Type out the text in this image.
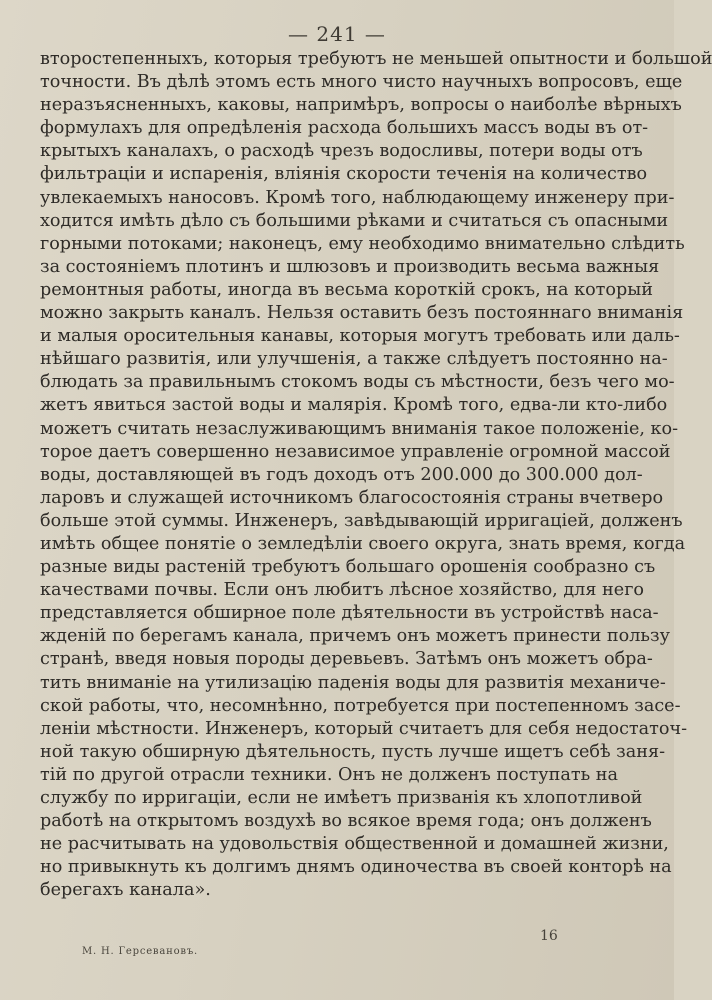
— 241 —
второстепенныхъ, которыя требуютъ не меньшей опытности и большой
точности. Въ дѣлѣ этомъ есть много чисто научныхъ вопросовъ, еще
неразъясненныхъ, каковы, напримѣръ, вопросы о наиболѣе вѣрныхъ
формулахъ для опредѣленія расхода большихъ массъ воды въ от-
крытыхъ каналахъ, о расходѣ чрезъ водосливы, потери воды отъ
фильтраціи и испаренія, вліянія скорости теченія на количество
увлекаемыхъ наносовъ. Кромѣ того, наблюдающему инженеру при-
ходится имѣть дѣло съ большими рѣками и считаться съ опасными
горными потоками; наконецъ, ему необходимо внимательно слѣдить
за состояніемъ плотинъ и шлюзовъ и производить весьма важныя
ремонтныя работы, иногда въ весьма короткій срокъ, на который
можно закрыть каналъ. Нельзя оставить безъ постояннаго вниманія
и малыя оросительныя канавы, которыя могутъ требовать или даль-
нѣйшаго развитія, или улучшенія, а также слѣдуетъ постоянно на-
блюдать за правильнымъ стокомъ воды съ мѣстности, безъ чего мо-
жетъ явиться застой воды и малярія. Кромѣ того, едва-ли кто-либо
можетъ считать незаслуживающимъ вниманія такое положеніе, ко-
торое даетъ совершенно независимое управленіе огромной массой
воды, доставляющей въ годъ доходъ отъ 200.000 до 300.000 дол-
ларовъ и служащей источникомъ благосостоянія страны вчетверо
больше этой суммы. Инженеръ, завѣдывающій ирригаціей, долженъ
имѣть общее понятіе о земледѣліи своего округа, знать время, когда
разные виды растеній требуютъ большаго орошенія сообразно съ
качествами почвы. Если онъ любитъ лѣсное хозяйство, для него
представляется обширное поле дѣятельности въ устройствѣ наса-
жденій по берегамъ канала, причемъ онъ можетъ принести пользу
странѣ, введя новыя породы деревьевъ. Затѣмъ онъ можетъ обра-
тить вниманіе на утилизацію паденія воды для развитія механиче-
ской работы, что, несомнѣнно, потребуется при постепенномъ засе-
леніи мѣстности. Инженеръ, который считаетъ для себя недостаточ-
ной такую обширную дѣятельность, пусть лучше ищетъ себѣ заня-
тій по другой отрасли техники. Онъ не долженъ поступать на
службу по ирригаціи, если не имѣетъ призванія къ хлопотливой
работѣ на открытомъ воздухѣ во всякое время года; онъ долженъ
не расчитывать на удовольствія общественной и домашней жизни,
но привыкнуть къ долгимъ днямъ одиночества въ своей конторѣ на
берегахъ канала».
16
М. Н. Герсевановъ.
